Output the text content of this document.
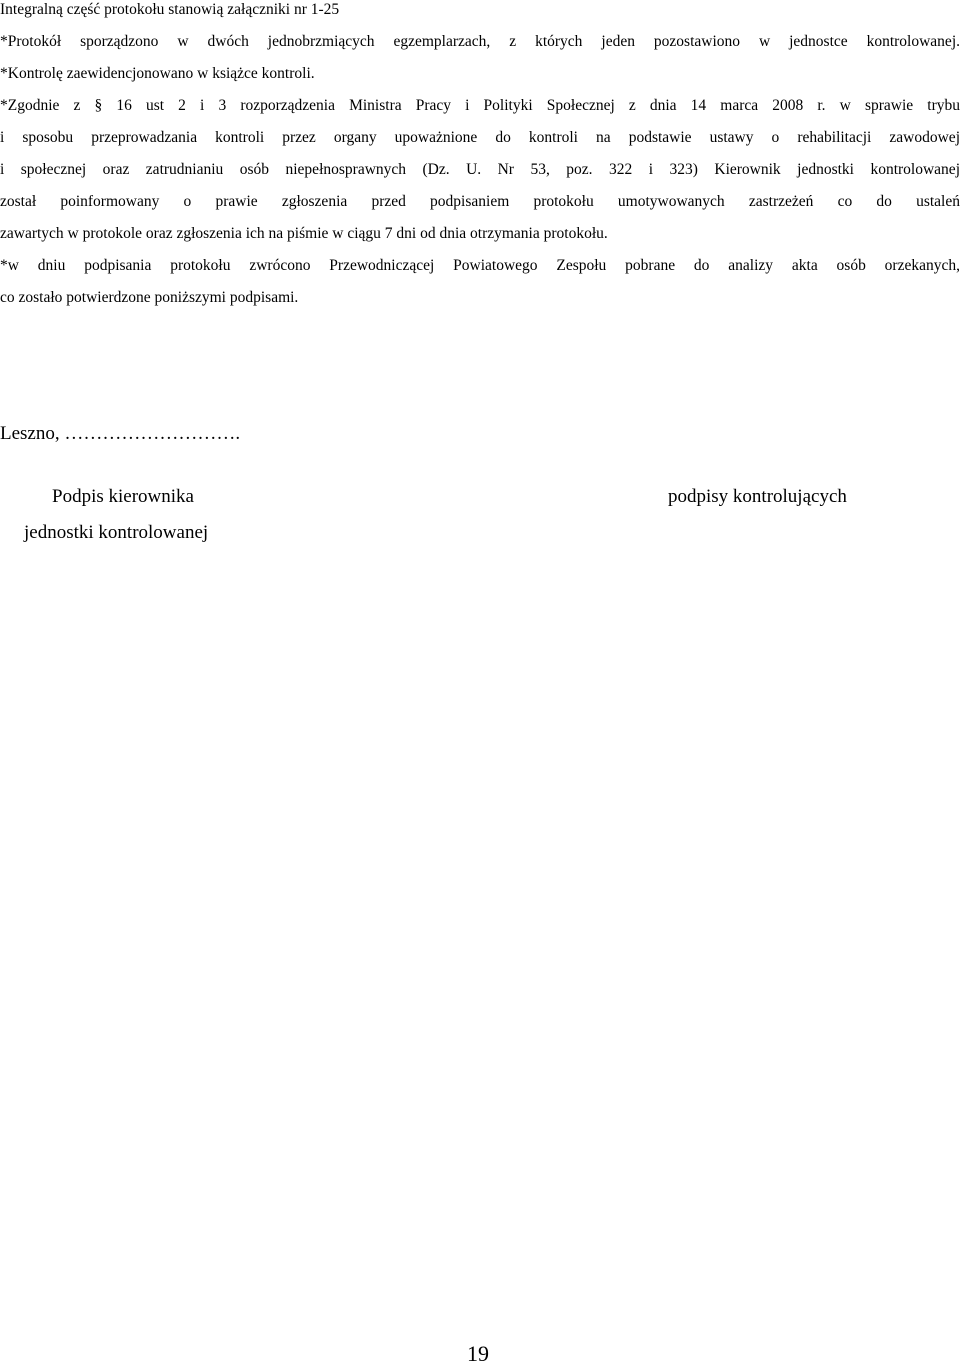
Integralną część protokołu stanowią załączniki nr 1-25
*Protokół sporządzono w dwóch jednobrzmiących egzemplarzach, z których jeden pozostawiono w jednostce kontrolowanej.
*Kontrolę zaewidencjonowano w książce kontroli.
*Zgodnie z § 16 ust 2 i 3 rozporządzenia Ministra Pracy i Polityki Społecznej z dnia 14 marca 2008 r. w sprawie trybu
i sposobu przeprowadzania kontroli przez organy upoważnione do kontroli na podstawie ustawy o rehabilitacji zawodowej
i społecznej oraz zatrudnianiu osób niepełnosprawnych (Dz. U. Nr 53, poz. 322 i 323) Kierownik jednostki kontrolowanej
został poinformowany o prawie zgłoszenia przed podpisaniem protokołu umotywowanych zastrzeżeń co do ustaleń
zawartych w protokole oraz zgłoszenia ich na piśmie w ciągu 7 dni od dnia otrzymania protokołu.
*w dniu podpisania protokołu zwrócono Przewodniczącej Powiatowego Zespołu pobrane do analizy akta osób orzekanych,
co zostało potwierdzone poniższymi podpisami.
Leszno, ……………………….
Podpis kierownika
jednostki kontrolowanej
podpisy kontrolujących
19
